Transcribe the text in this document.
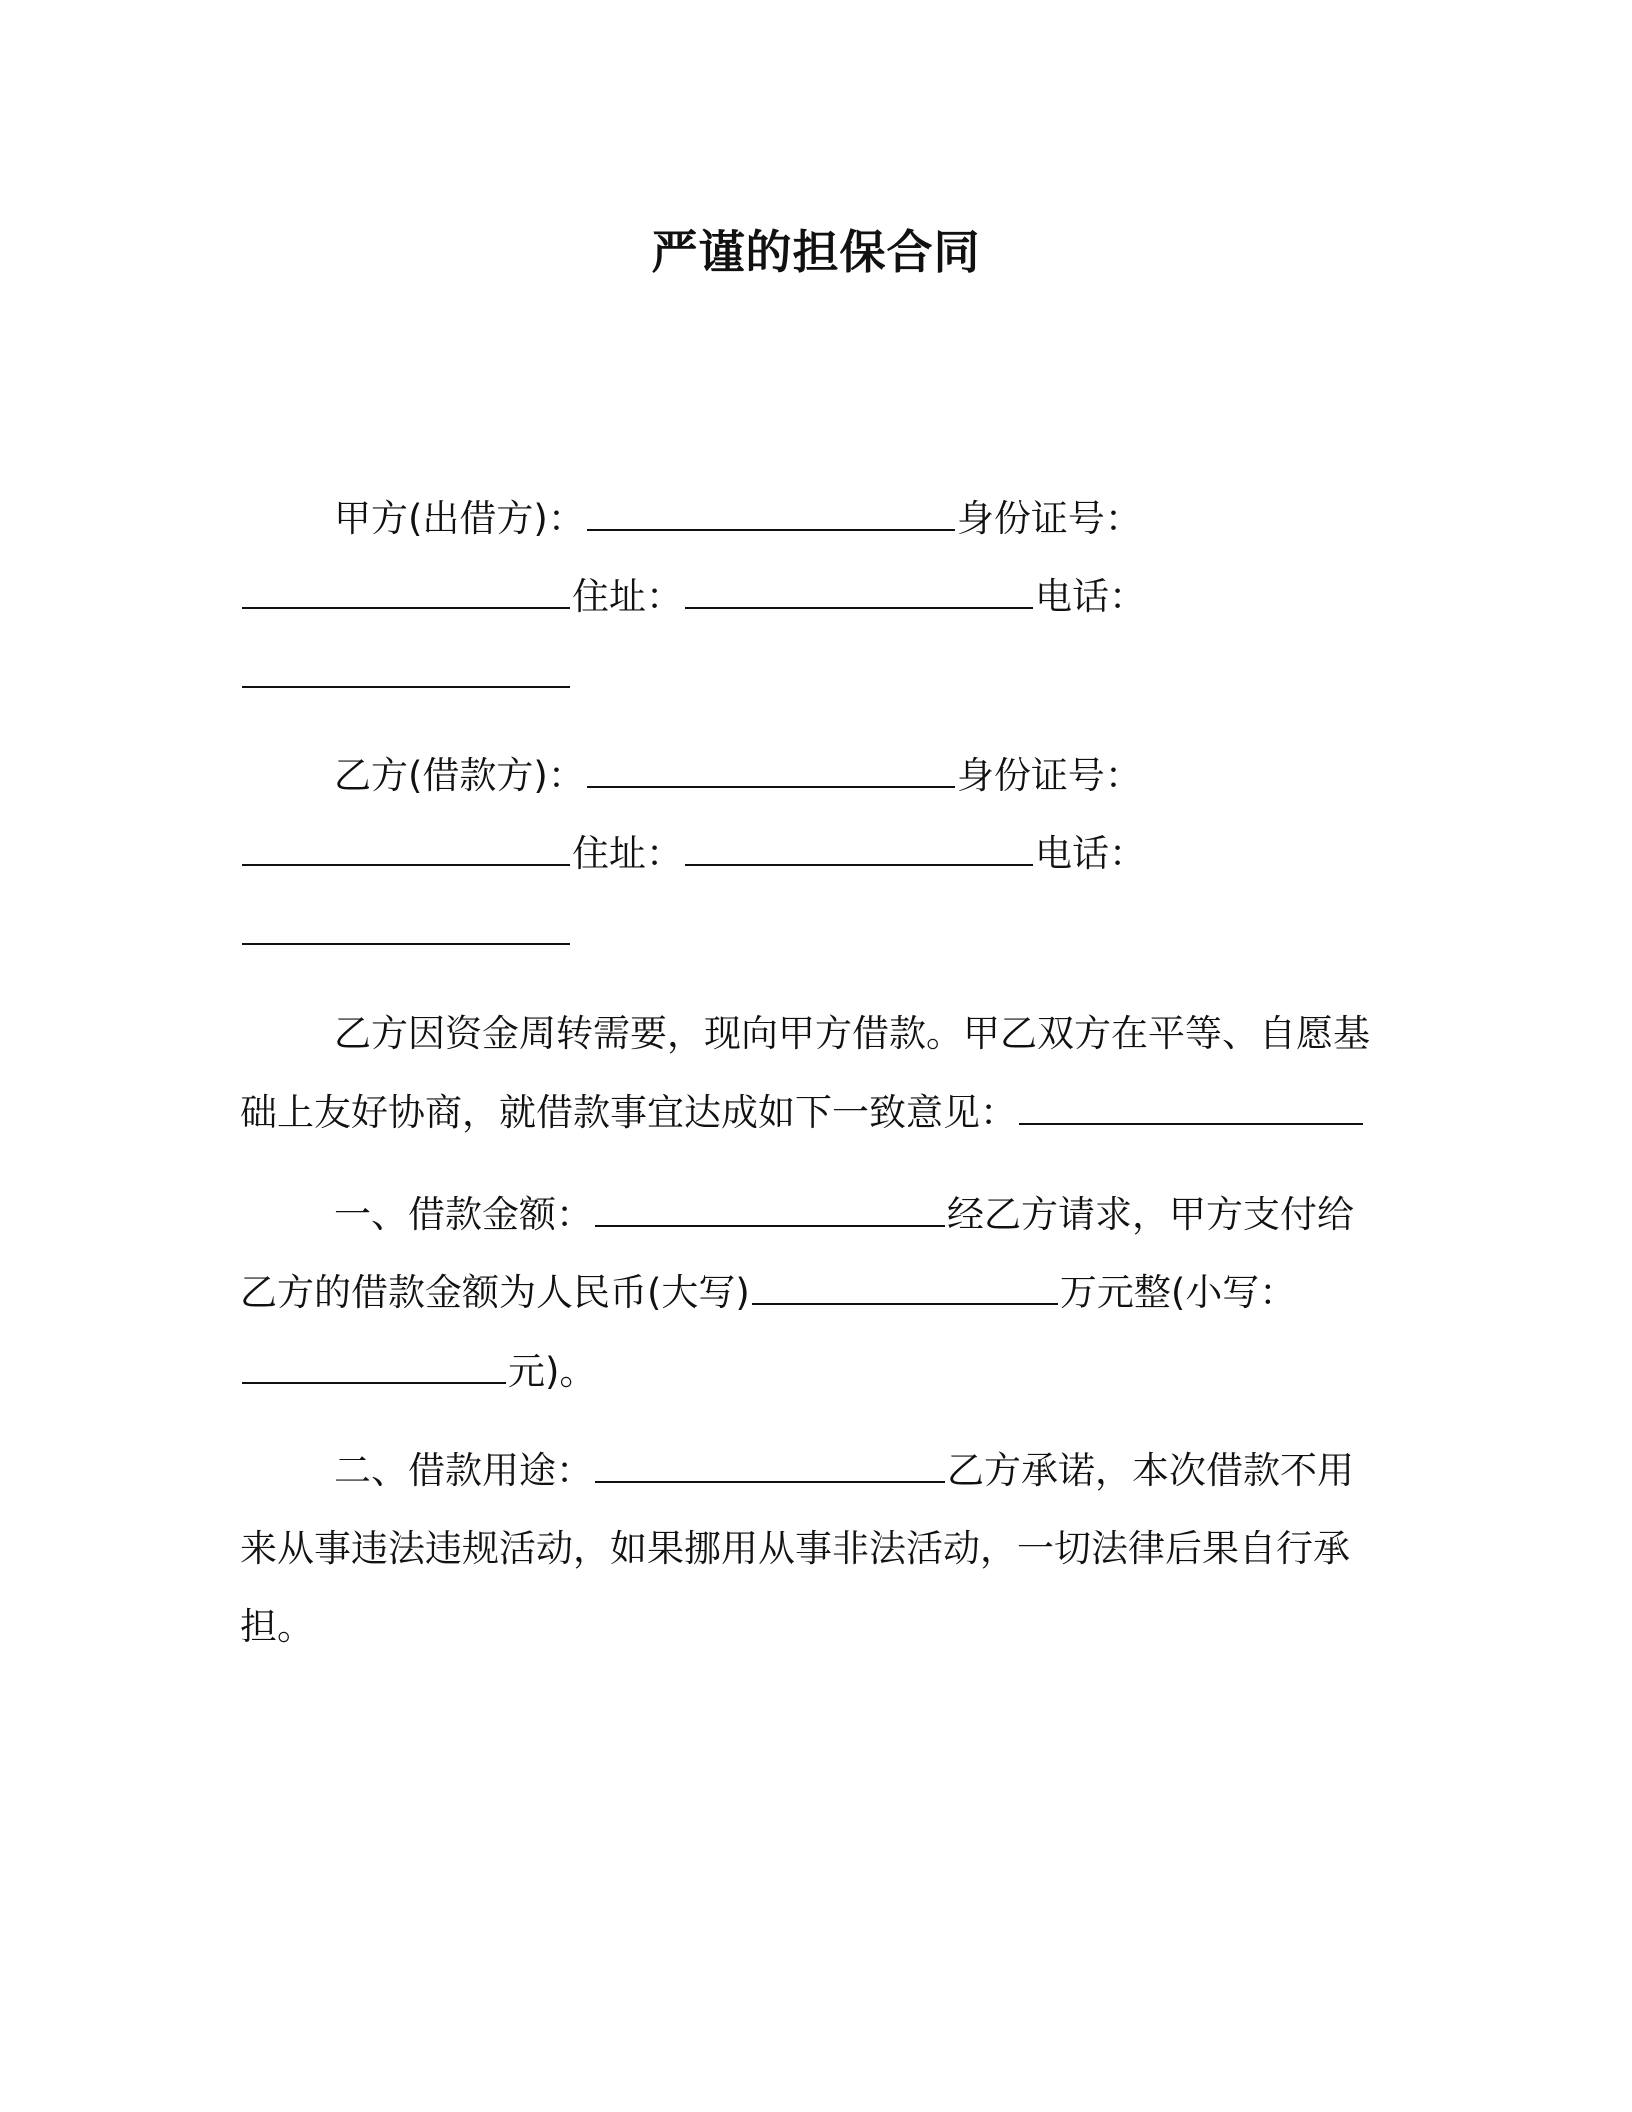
严谨的担保合同
甲方(出借方)：	身份证号：
住址：	电话：
乙方(借款方)：	身份证号：
住址：	电话：
乙方因资金周转需要，现向甲方借款。甲乙双方在平等、自愿基
础上友好协商，就借款事宜达成如下一致意见：
一、借款金额：	经乙方请求，甲方支付给
乙方的借款金额为人民币(大写)	万元整(小写：
元)。
二、借款用途：	乙方承诺，本次借款不用
来从事违法违规活动，如果挪用从事非法活动，一切法律后果自行承
担。
